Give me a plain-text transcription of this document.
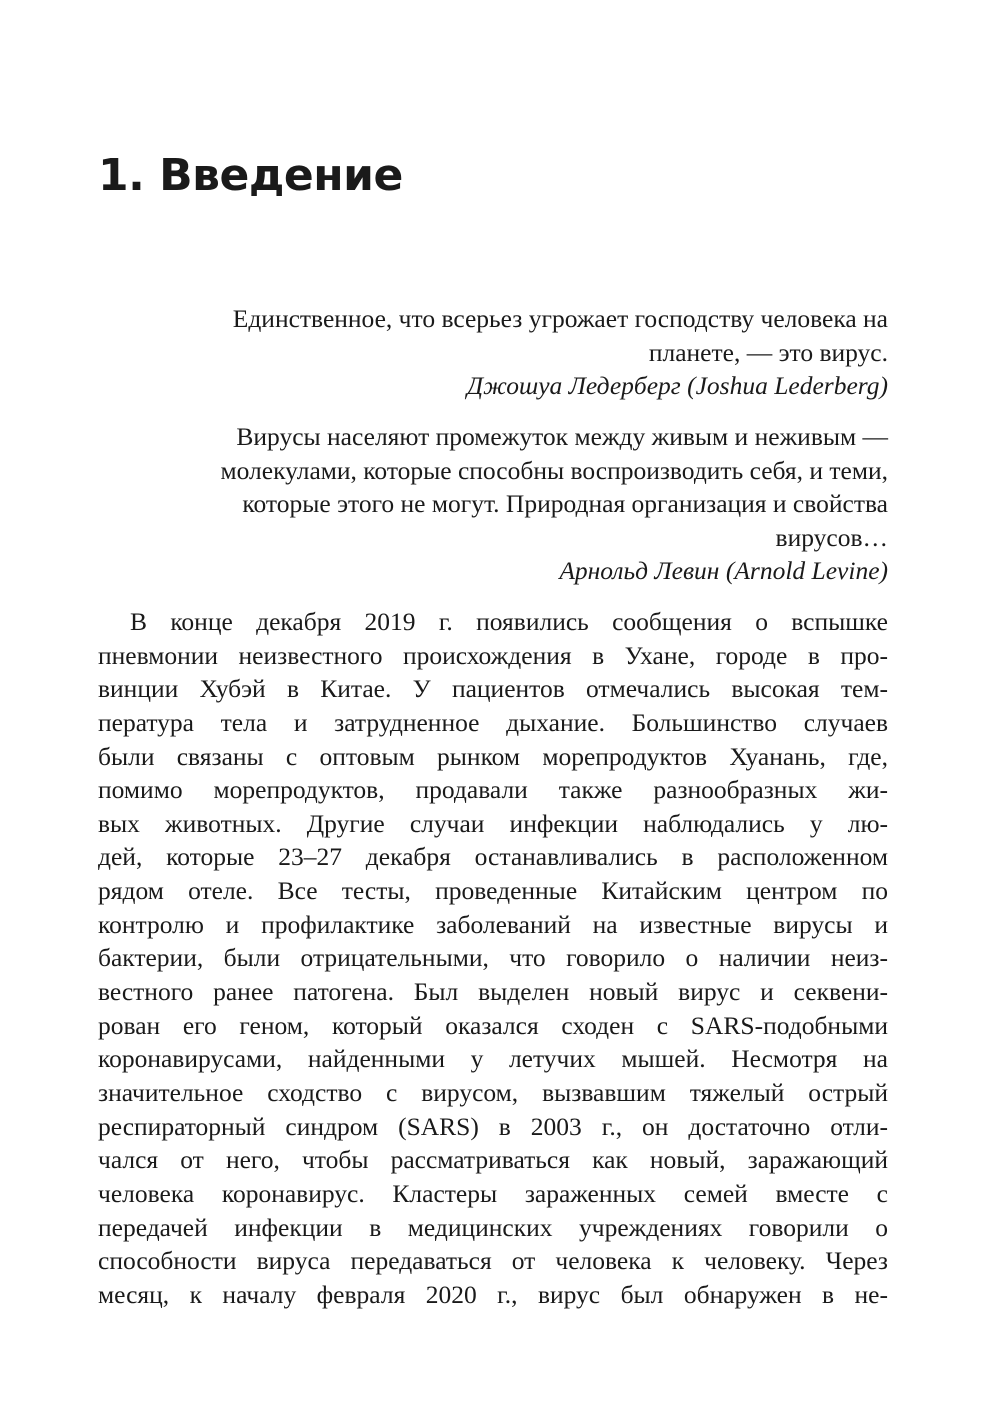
1. Введение
Единственное, что всерьез угрожает господству человека на
планете, — это вирус.
Джошуа Ледерберг (Joshua Lederberg)
Вирусы населяют промежуток между живым и неживым —
молекулами, которые способны воспроизводить себя, и теми,
которые этого не могут. Природная организация и свойства
вирусов…
Арнольд Левин (Arnold Levine)
В конце декабря 2019 г. появились сообщения о вспышке
пневмонии неизвестного происхождения в Ухане, городе в про-
винции Хубэй в Китае. У пациентов отмечались высокая тем-
пература тела и затрудненное дыхание. Большинство случаев
были связаны с оптовым рынком морепродуктов Хуанань, где,
помимо морепродуктов, продавали также разнообразных жи-
вых животных. Другие случаи инфекции наблюдались у лю-
дей, которые 23–27 декабря останавливались в расположенном
рядом отеле. Все тесты, проведенные Китайским центром по
контролю и профилактике заболеваний на известные вирусы и
бактерии, были отрицательными, что говорило о наличии неиз-
вестного ранее патогена. Был выделен новый вирус и секвени-
рован его геном, который оказался сходен с SARS-подобными
коронавирусами, найденными у летучих мышей. Несмотря на
значительное сходство с вирусом, вызвавшим тяжелый острый
респираторный синдром (SARS) в 2003 г., он достаточно отли-
чался от него, чтобы рассматриваться как новый, заражающий
человека коронавирус. Кластеры зараженных семей вместе с
передачей инфекции в медицинских учреждениях говорили о
способности вируса передаваться от человека к человеку. Через
месяц, к началу февраля 2020 г., вирус был обнаружен в не-
